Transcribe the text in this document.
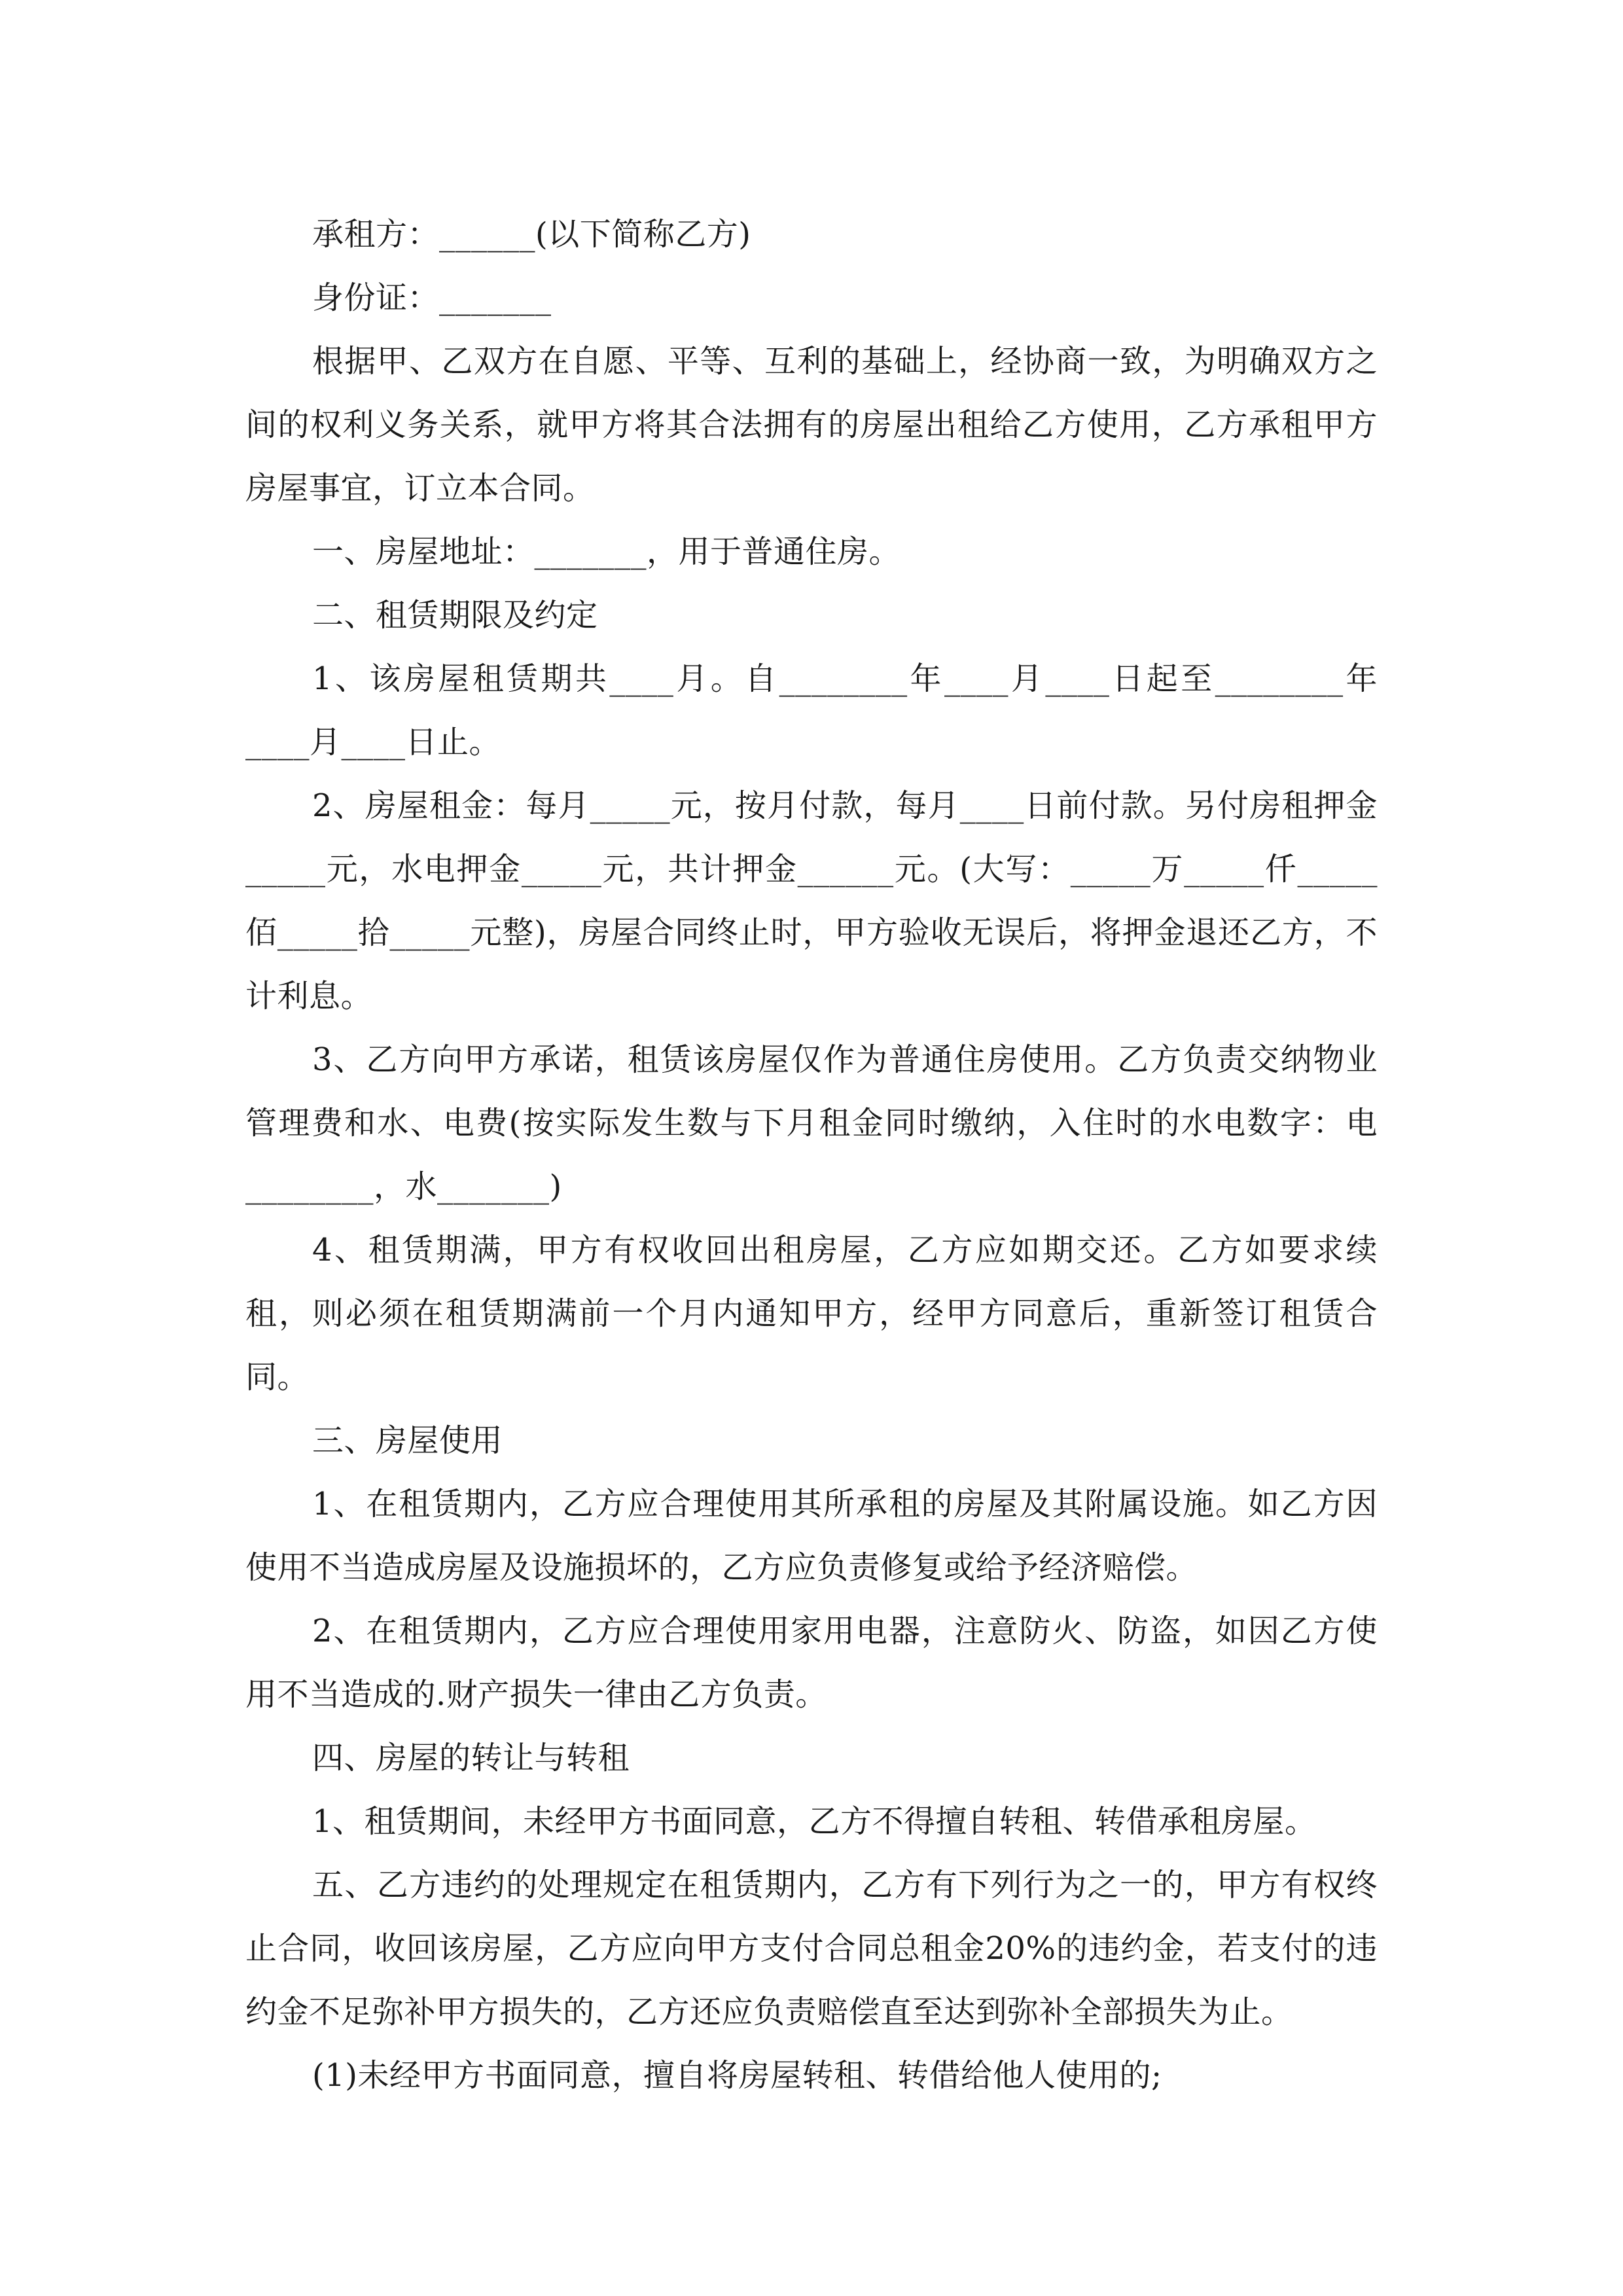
承租方：______(以下简称乙方)

身份证：_______

根据甲、乙双方在自愿、平等、互利的基础上，经协商一致，为明确双方之间的权利义务关系，就甲方将其合法拥有的房屋出租给乙方使用，乙方承租甲方房屋事宜，订立本合同。

一、房屋地址：_______，用于普通住房。

二、租赁期限及约定

1、该房屋租赁期共____月。自________年____月____日起至________年____月____日止。

2、房屋租金：每月_____元，按月付款，每月____日前付款。另付房租押金_____元，水电押金_____元，共计押金______元。(大写：_____万_____仟_____佰_____拾_____元整)，房屋合同终止时，甲方验收无误后，将押金退还乙方，不计利息。

3、乙方向甲方承诺，租赁该房屋仅作为普通住房使用。乙方负责交纳物业管理费和水、电费(按实际发生数与下月租金同时缴纳，入住时的水电数字：电________，水_______)

4、租赁期满，甲方有权收回出租房屋，乙方应如期交还。乙方如要求续租，则必须在租赁期满前一个月内通知甲方，经甲方同意后，重新签订租赁合同。

三、房屋使用

1、在租赁期内，乙方应合理使用其所承租的房屋及其附属设施。如乙方因使用不当造成房屋及设施损坏的，乙方应负责修复或给予经济赔偿。

2、在租赁期内，乙方应合理使用家用电器，注意防火、防盗，如因乙方使用不当造成的.财产损失一律由乙方负责。

四、房屋的转让与转租

1、租赁期间，未经甲方书面同意，乙方不得擅自转租、转借承租房屋。

五、乙方违约的处理规定在租赁期内，乙方有下列行为之一的，甲方有权终止合同，收回该房屋，乙方应向甲方支付合同总租金20%的违约金，若支付的违约金不足弥补甲方损失的，乙方还应负责赔偿直至达到弥补全部损失为止。

(1)未经甲方书面同意，擅自将房屋转租、转借给他人使用的;
